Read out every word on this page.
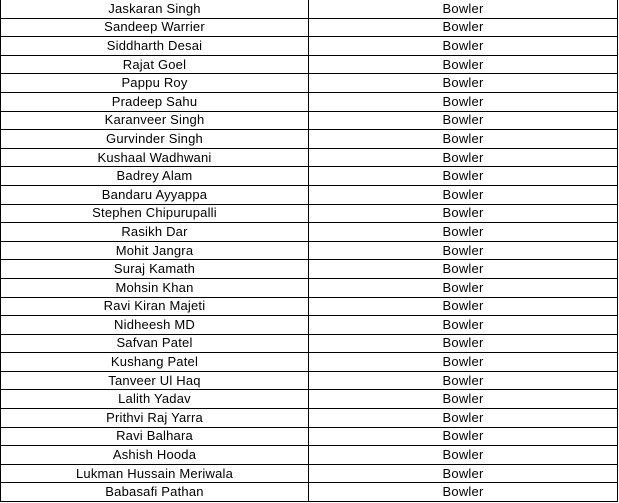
Jaskaran Singh	Bowler
Sandeep Warrier	Bowler
Siddharth Desai	Bowler
Rajat Goel	Bowler
Pappu Roy	Bowler
Pradeep Sahu	Bowler
Karanveer Singh	Bowler
Gurvinder Singh	Bowler
Kushaal Wadhwani	Bowler
Badrey Alam	Bowler
Bandaru Ayyappa	Bowler
Stephen Chipurupalli	Bowler
Rasikh Dar	Bowler
Mohit Jangra	Bowler
Suraj Kamath	Bowler
Mohsin Khan	Bowler
Ravi Kiran Majeti	Bowler
Nidheesh MD	Bowler
Safvan Patel	Bowler
Kushang Patel	Bowler
Tanveer Ul Haq	Bowler
Lalith Yadav	Bowler
Prithvi Raj Yarra	Bowler
Ravi Balhara	Bowler
Ashish Hooda	Bowler
Lukman Hussain Meriwala	Bowler
Babasafi Pathan	Bowler
